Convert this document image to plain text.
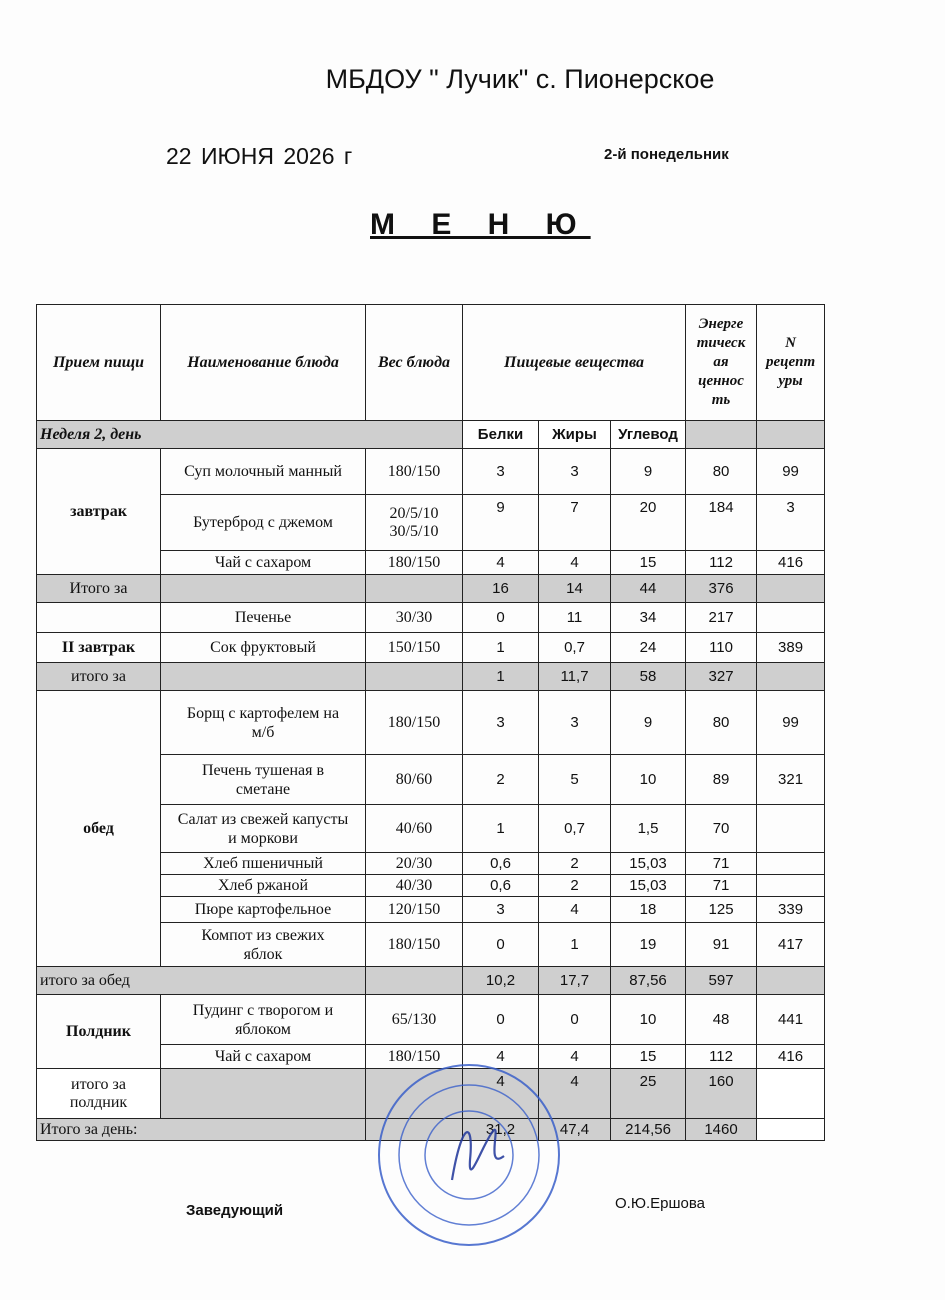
МБДОУ " Лучик" с. Пионерское
22 ИЮНЯ 2026 г	2-й понедельник
М Е Н Ю
Прием пищи	Наименование блюда	Вес блюда	Пищевые вещества			Энерге
тическ
ая
ценнос
ть	N
рецепт
уры
Неделя 2, день			Белки	Жиры	Углевод		
завтрак	Суп молочный манный	180/150	3	3	9	80	99
	Бутерброд с джемом	20/5/10
30/5/10	9	7	20	184	3
	Чай с сахаром	180/150	4	4	15	112	416
Итого за			16	14	44	376	
	Печенье	30/30	0	11	34	217	
II завтрак	Сок фруктовый	150/150	1	0,7	24	110	389
итого за			1	11,7	58	327	
обед	Борщ с картофелем на
м/б	180/150	3	3	9	80	99
	Печень тушеная в
сметане	80/60	2	5	10	89	321
	Салат из свежей капусты
и моркови	40/60	1	0,7	1,5	70	
	Хлеб пшеничный	20/30	0,6	2	15,03	71	
	Хлеб ржаной	40/30	0,6	2	15,03	71	
	Пюре картофельное	120/150	3	4	18	125	339
	Компот из свежих
яблок	180/150	0	1	19	91	417
итого за обед			10,2	17,7	87,56	597	
Полдник	Пудинг с творогом и
яблоком	65/130	0	0	10	48	441
	Чай с сахаром	180/150	4	4	15	112	416
итого за
полдник			4	4	25	160	
Итого за день:			31,2	47,4	214,56	1460	
Заведующий	О.Ю.Ершова
